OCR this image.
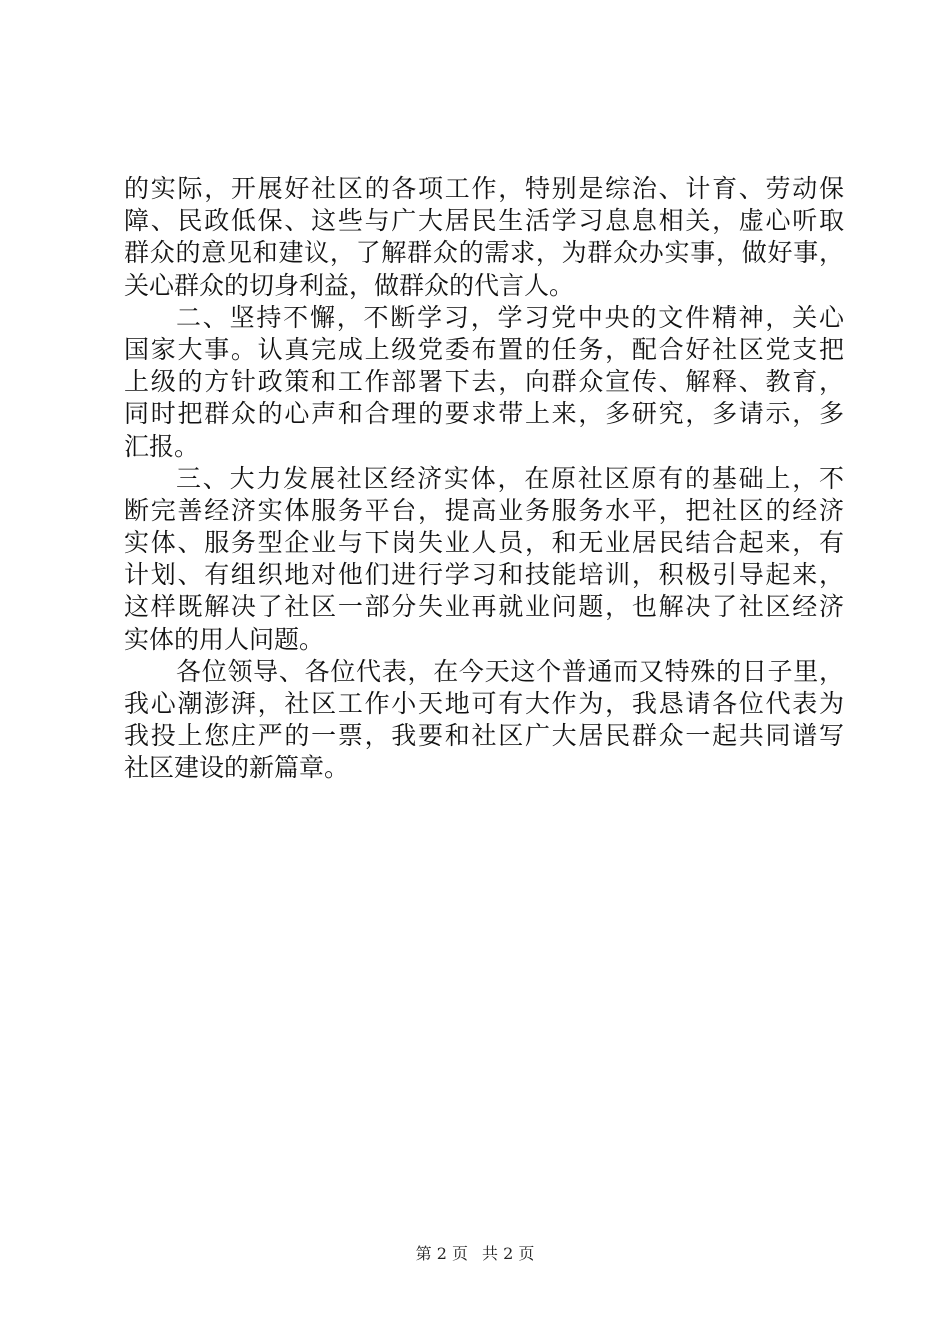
的实际，开展好社区的各项工作，特别是综治、计育、劳动保
障、民政低保、这些与广大居民生活学习息息相关，虚心听取
群众的意见和建议，了解群众的需求，为群众办实事，做好事，
关心群众的切身利益，做群众的代言人。
二、坚持不懈，不断学习，学习党中央的文件精神，关心
国家大事。认真完成上级党委布置的任务，配合好社区党支把
上级的方针政策和工作部署下去，向群众宣传、解释、教育，
同时把群众的心声和合理的要求带上来，多研究，多请示，多
汇报。
三、大力发展社区经济实体，在原社区原有的基础上，不
断完善经济实体服务平台，提高业务服务水平，把社区的经济
实体、服务型企业与下岗失业人员，和无业居民结合起来，有
计划、有组织地对他们进行学习和技能培训，积极引导起来，
这样既解决了社区一部分失业再就业问题，也解决了社区经济
实体的用人问题。
各位领导、各位代表，在今天这个普通而又特殊的日子里，
我心潮澎湃，社区工作小天地可有大作为，我恳请各位代表为
我投上您庄严的一票，我要和社区广大居民群众一起共同谱写
社区建设的新篇章。
第 2 页 共 2 页
